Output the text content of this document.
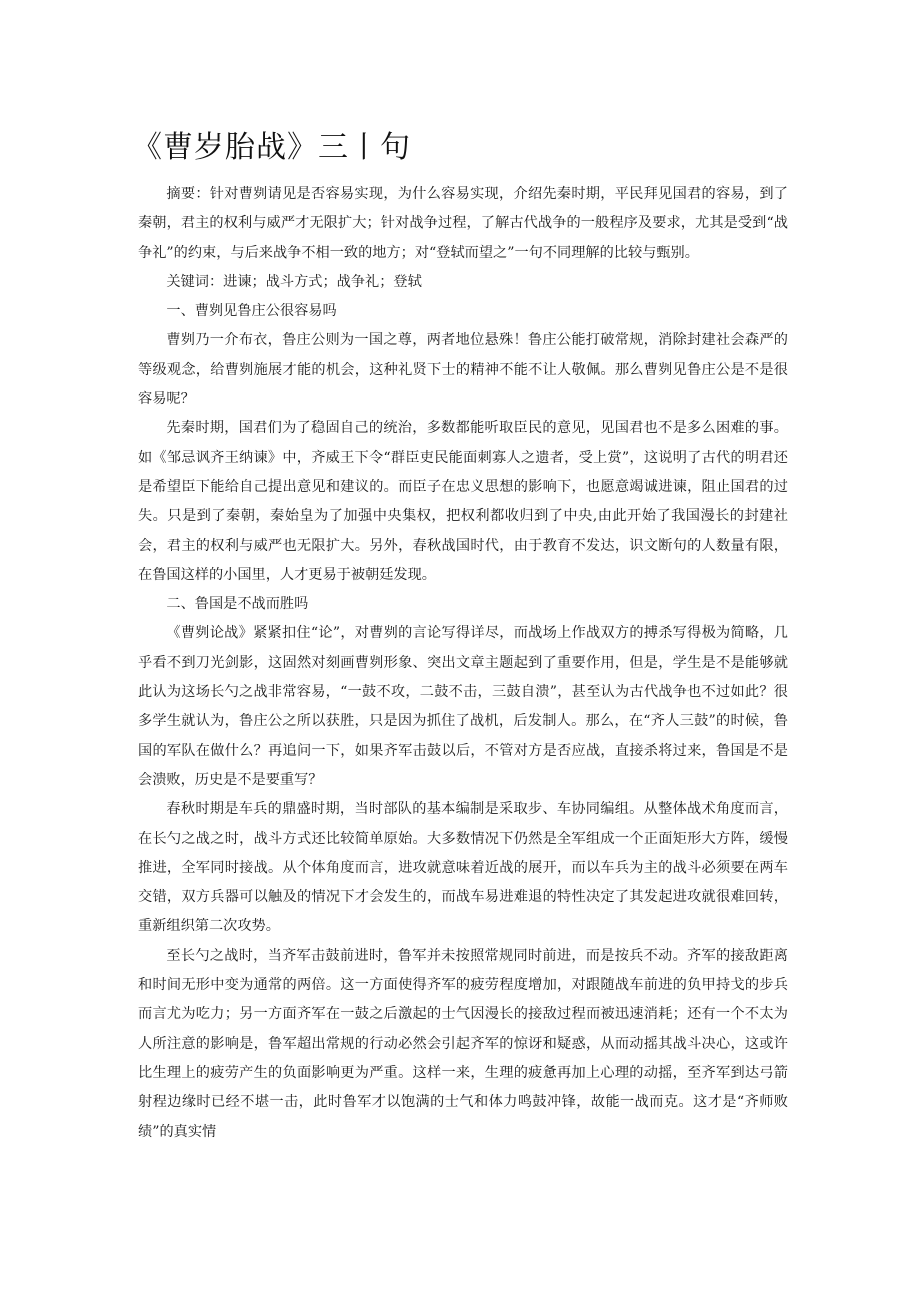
《曹岁胎战》三丨句

摘要：针对曹刿请见是否容易实现，为什么容易实现，介绍先秦时期，平民拜见国君的容易，到了秦朝，君主的权利与威严才无限扩大；针对战争过程，了解古代战争的一般程序及要求，尤其是受到“战争礼”的约束，与后来战争不相一致的地方；对“登轼而望之”一句不同理解的比较与甄别。

关键词：进谏；战斗方式；战争礼；登轼

一、曹刿见鲁庄公很容易吗

曹刿乃一介布衣，鲁庄公则为一国之尊，两者地位悬殊！鲁庄公能打破常规，消除封建社会森严的等级观念，给曹刿施展才能的机会，这种礼贤下士的精神不能不让人敬佩。那么曹刿见鲁庄公是不是很容易呢？

先秦时期，国君们为了稳固自己的统治，多数都能听取臣民的意见，见国君也不是多么困难的事。如《邹忌讽齐王纳谏》中，齐威王下令“群臣吏民能面刺寡人之遗者，受上赏”，这说明了古代的明君还是希望臣下能给自己提出意见和建议的。而臣子在忠义思想的影响下，也愿意竭诚进谏，阻止国君的过失。只是到了秦朝，秦始皇为了加强中央集权，把权利都收归到了中央,由此开始了我国漫长的封建社会，君主的权利与威严也无限扩大。另外，春秋战国时代，由于教育不发达，识文断句的人数量有限，在鲁国这样的小国里，人才更易于被朝廷发现。

二、鲁国是不战而胜吗

《曹刿论战》紧紧扣住“论”，对曹刿的言论写得详尽，而战场上作战双方的搏杀写得极为简略，几乎看不到刀光剑影，这固然对刻画曹刿形象、突出文章主题起到了重要作用，但是，学生是不是能够就此认为这场长勺之战非常容易，“一鼓不攻，二鼓不击，三鼓自溃”，甚至认为古代战争也不过如此？很多学生就认为，鲁庄公之所以获胜，只是因为抓住了战机，后发制人。那么，在“齐人三鼓”的时候，鲁国的军队在做什么？再追问一下，如果齐军击鼓以后，不管对方是否应战，直接杀将过来，鲁国是不是会溃败，历史是不是要重写？

春秋时期是车兵的鼎盛时期，当时部队的基本编制是采取步、车协同编组。从整体战术角度而言，在长勺之战之时，战斗方式还比较简单原始。大多数情况下仍然是全军组成一个正面矩形大方阵，缓慢推进，全军同时接战。从个体角度而言，进攻就意味着近战的展开，而以车兵为主的战斗必须要在两车交错，双方兵器可以触及的情况下才会发生的，而战车易进难退的特性决定了其发起进攻就很难回转，重新组织第二次攻势。

至长勺之战时，当齐军击鼓前进时，鲁军并未按照常规同时前进，而是按兵不动。齐军的接敌距离和时间无形中变为通常的两倍。这一方面使得齐军的疲劳程度增加，对跟随战车前进的负甲持戈的步兵而言尤为吃力；另一方面齐军在一鼓之后激起的士气因漫长的接敌过程而被迅速消耗；还有一个不太为人所注意的影响是，鲁军超出常规的行动必然会引起齐军的惊讶和疑惑，从而动摇其战斗决心，这或许比生理上的疲劳产生的负面影响更为严重。这样一来，生理的疲惫再加上心理的动摇，至齐军到达弓箭射程边缘时已经不堪一击，此时鲁军才以饱满的士气和体力鸣鼓冲锋，故能一战而克。这才是“齐师败绩”的真实情
